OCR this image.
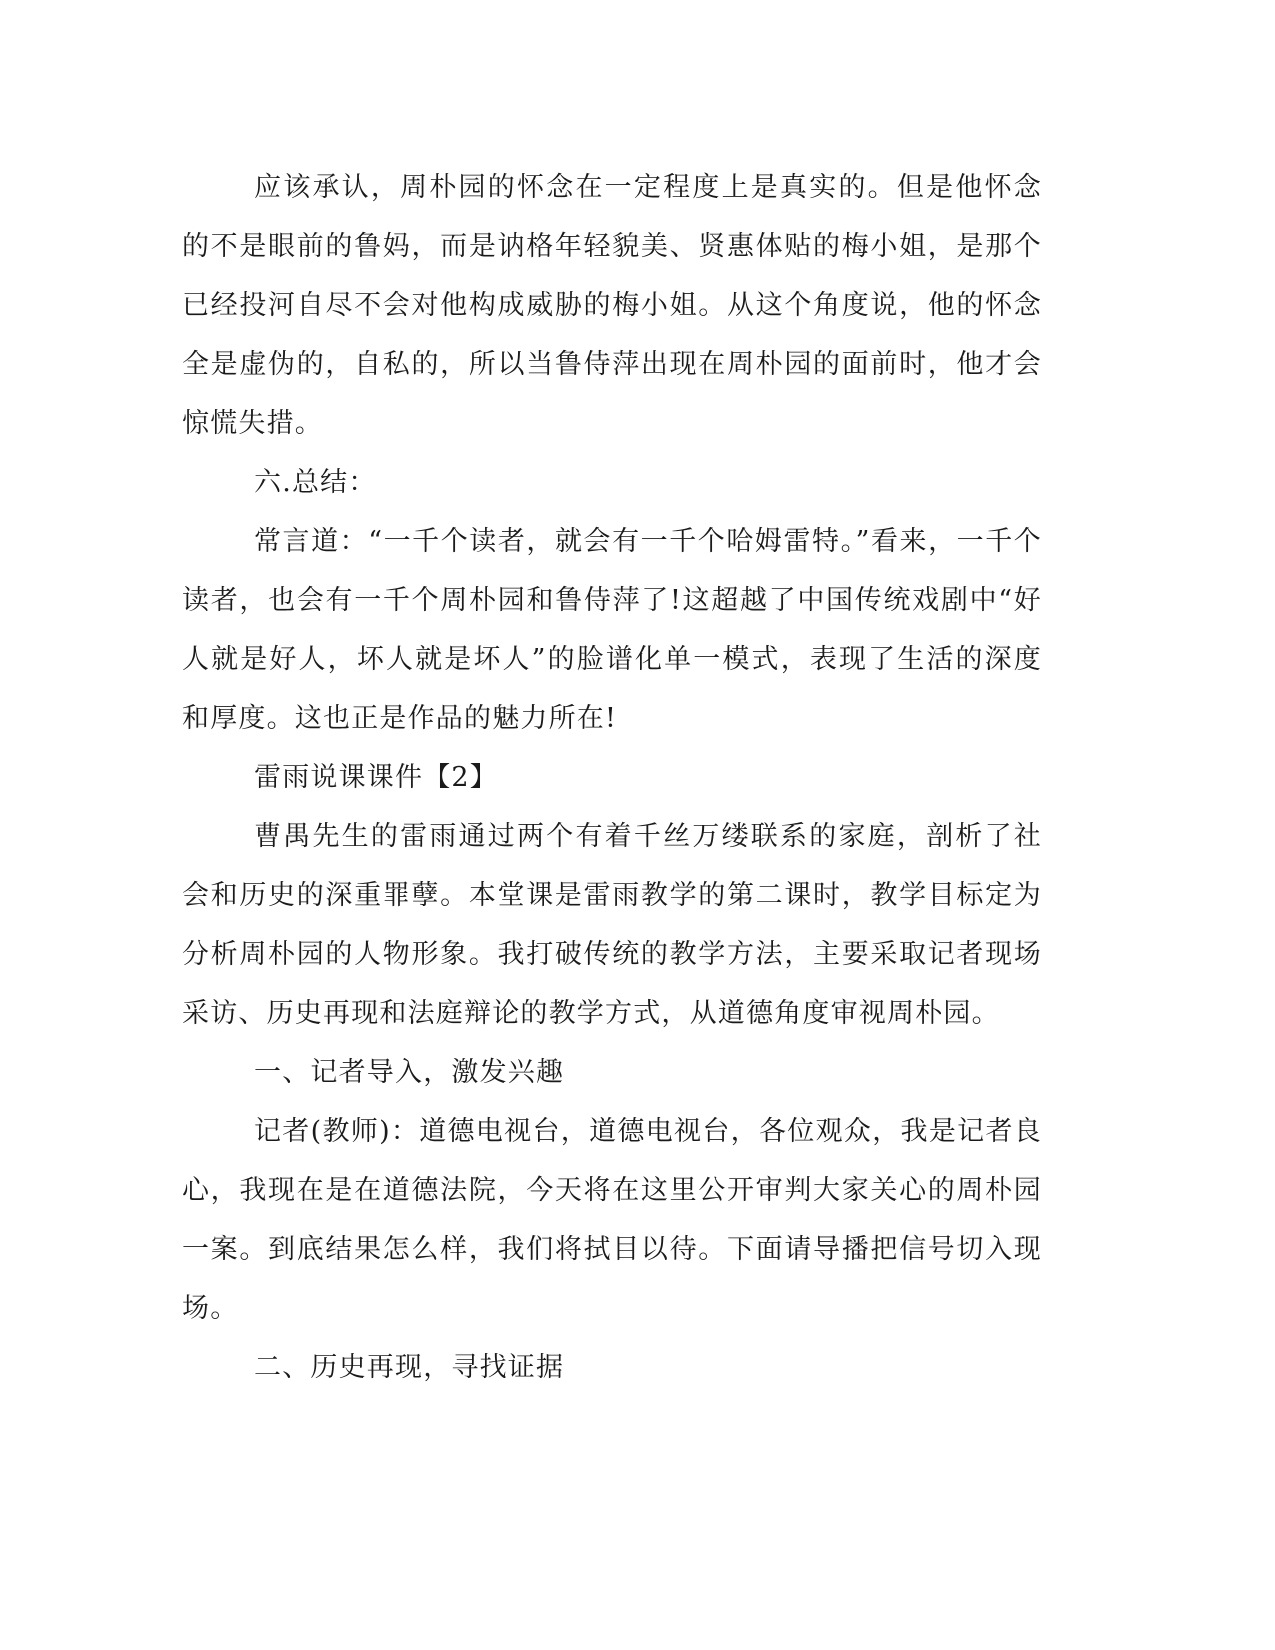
应该承认，周朴园的怀念在一定程度上是真实的。但是他怀念的不是眼前的鲁妈，而是讷格年轻貌美、贤惠体贴的梅小姐，是那个已经投河自尽不会对他构成威胁的梅小姐。从这个角度说，他的怀念全是虚伪的，自私的，所以当鲁侍萍出现在周朴园的面前时，他才会惊慌失措。

六.总结：

常言道：“一千个读者，就会有一千个哈姆雷特。”看来，一千个读者，也会有一千个周朴园和鲁侍萍了!这超越了中国传统戏剧中“好人就是好人，坏人就是坏人”的脸谱化单一模式，表现了生活的深度和厚度。这也正是作品的魅力所在!

雷雨说课课件【2】

曹禺先生的雷雨通过两个有着千丝万缕联系的家庭，剖析了社会和历史的深重罪孽。本堂课是雷雨教学的第二课时，教学目标定为分析周朴园的人物形象。我打破传统的教学方法，主要采取记者现场采访、历史再现和法庭辩论的教学方式，从道德角度审视周朴园。

一、记者导入，激发兴趣

记者(教师)：道德电视台，道德电视台，各位观众，我是记者良心，我现在是在道德法院，今天将在这里公开审判大家关心的周朴园一案。到底结果怎么样，我们将拭目以待。下面请导播把信号切入现场。

二、历史再现，寻找证据
